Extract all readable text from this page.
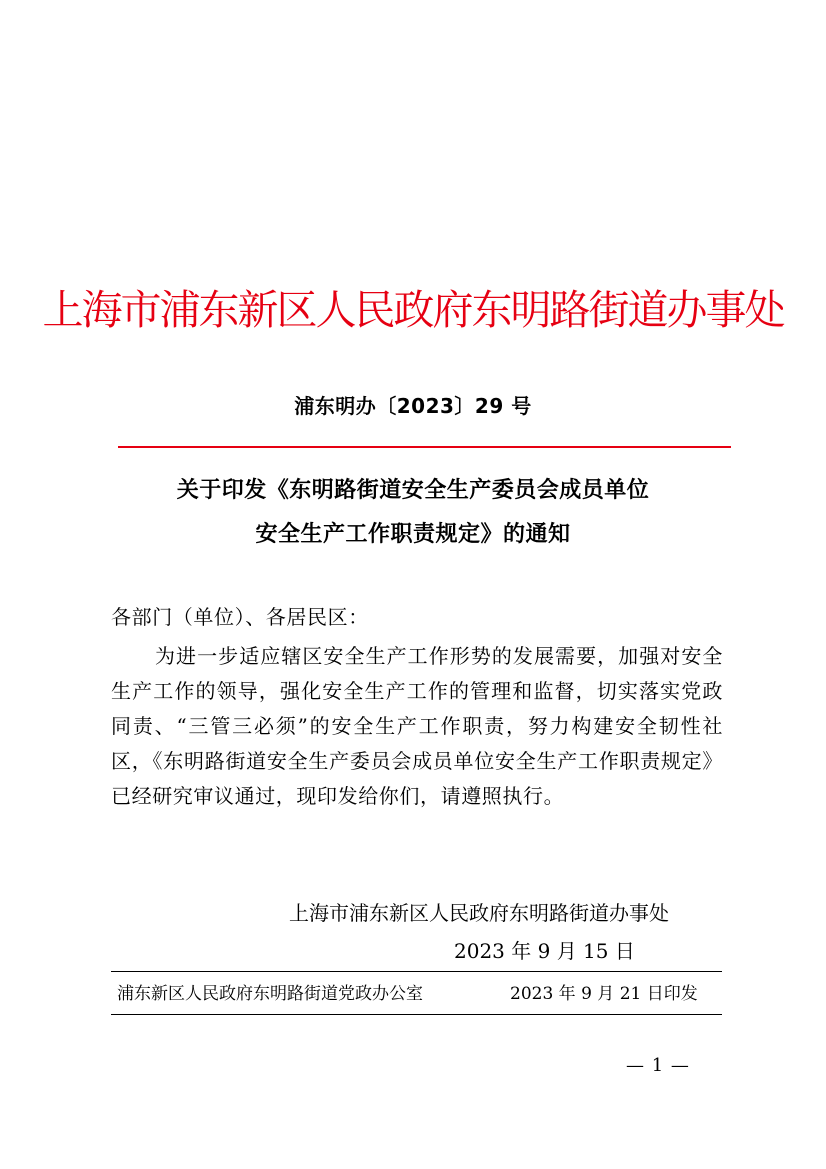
上海市浦东新区人民政府东明路街道办事处
浦东明办〔2023〕29 号
关于印发《东明路街道安全生产委员会成员单位
安全生产工作职责规定》的通知
各部门（单位）、各居民区：
为进一步适应辖区安全生产工作形势的发展需要，加强对安全生产工作的领导，强化安全生产工作的管理和监督，切实落实党政同责、“三管三必须”的安全生产工作职责，努力构建安全韧性社区，《东明路街道安全生产委员会成员单位安全生产工作职责规定》已经研究审议通过，现印发给你们，请遵照执行。
上海市浦东新区人民政府东明路街道办事处
2023 年 9 月 15 日
浦东新区人民政府东明路街道党政办公室	2023 年 9 月 21 日印发
— 1 —
